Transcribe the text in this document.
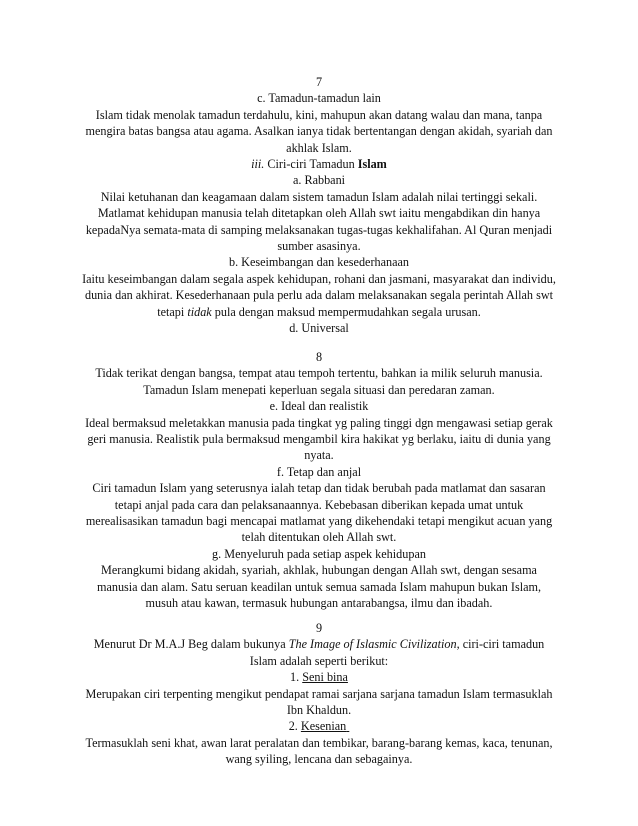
7
c. Tamadun-tamadun lain
Islam tidak menolak tamadun terdahulu, kini, mahupun akan datang walau dan mana, tanpa
mengira batas bangsa atau agama. Asalkan ianya tidak bertentangan dengan akidah, syariah dan
akhlak Islam.
iii. Ciri-ciri Tamadun Islam
a. Rabbani
Nilai ketuhanan dan keagamaan dalam sistem tamadun Islam adalah nilai tertinggi sekali.
Matlamat kehidupan manusia telah ditetapkan oleh Allah swt iaitu mengabdikan din hanya
kepadaNya semata-mata di samping melaksanakan tugas-tugas kekhalifahan. Al Quran menjadi
sumber asasinya.
b. Keseimbangan dan kesederhanaan
Iaitu keseimbangan dalam segala aspek kehidupan, rohani dan jasmani, masyarakat dan individu,
dunia dan akhirat. Kesederhanaan pula perlu ada dalam melaksanakan segala perintah Allah swt
tetapi tidak pula dengan maksud mempermudahkan segala urusan.
d. Universal
8
Tidak terikat dengan bangsa, tempat atau tempoh tertentu, bahkan ia milik seluruh manusia.
Tamadun Islam menepati keperluan segala situasi dan peredaran zaman.
e. Ideal dan realistik
Ideal bermaksud meletakkan manusia pada tingkat yg paling tinggi dgn mengawasi setiap gerak
geri manusia. Realistik pula bermaksud mengambil kira hakikat yg berlaku, iaitu di dunia yang
nyata.
f. Tetap dan anjal
Ciri tamadun Islam yang seterusnya ialah tetap dan tidak berubah pada matlamat dan sasaran
tetapi anjal pada cara dan pelaksanaannya. Kebebasan diberikan kepada umat untuk
merealisasikan tamadun bagi mencapai matlamat yang dikehendaki tetapi mengikut acuan yang
telah ditentukan oleh Allah swt.
g. Menyeluruh pada setiap aspek kehidupan
Merangkumi bidang akidah, syariah, akhlak, hubungan dengan Allah swt, dengan sesama
manusia dan alam. Satu seruan keadilan untuk semua samada Islam mahupun bukan Islam,
musuh atau kawan, termasuk hubungan antarabangsa, ilmu dan ibadah.
9
Menurut Dr M.A.J Beg dalam bukunya The Image of Islasmic Civilization, ciri-ciri tamadun
Islam adalah seperti berikut:
1. Seni bina
Merupakan ciri terpenting mengikut pendapat ramai sarjana sarjana tamadun Islam termasuklah
Ibn Khaldun.
2. Kesenian
Termasuklah seni khat, awan larat peralatan dan tembikar, barang-barang kemas, kaca, tenunan,
wang syiling, lencana dan sebagainya.
